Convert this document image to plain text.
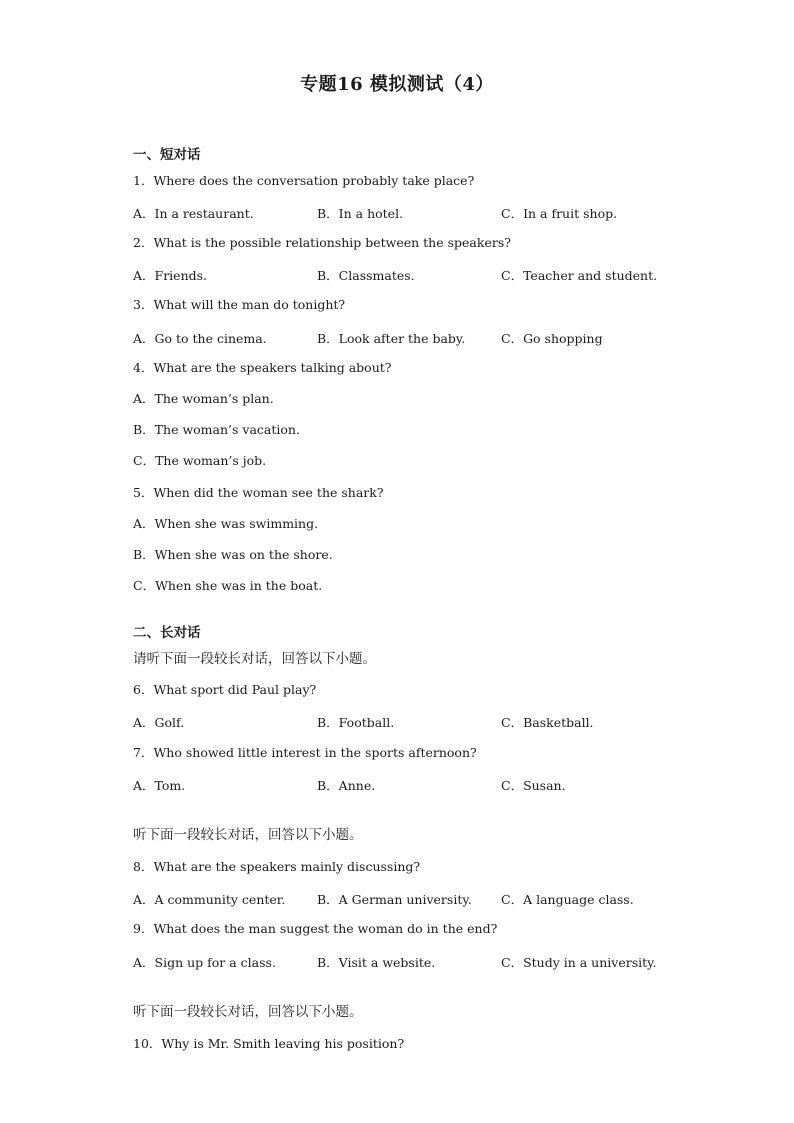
专题16 模拟测试（4）
一、短对话
1．Where does the conversation probably take place?
A．In a restaurant.	B．In a hotel.	C．In a fruit shop.
2．What is the possible relationship between the speakers?
A．Friends.	B．Classmates.	C．Teacher and student.
3．What will the man do tonight?
A．Go to the cinema.	B．Look after the baby.	C．Go shopping
4．What are the speakers talking about?
A．The woman’s plan.
B．The woman’s vacation.
C．The woman’s job.
5．When did the woman see the shark?
A．When she was swimming.
B．When she was on the shore.
C．When she was in the boat.
二、长对话
请听下面一段较长对话，回答以下小题。
6．What sport did Paul play?
A．Golf.	B．Football.	C．Basketball.
7．Who showed little interest in the sports afternoon?
A．Tom.	B．Anne.	C．Susan.
听下面一段较长对话，回答以下小题。
8．What are the speakers mainly discussing?
A．A community center.	B．A German university. C．A language class.
9．What does the man suggest the woman do in the end?
A．Sign up for a class.	B．Visit a website.	C．Study in a university.
听下面一段较长对话，回答以下小题。
10．Why is Mr. Smith leaving his position?
